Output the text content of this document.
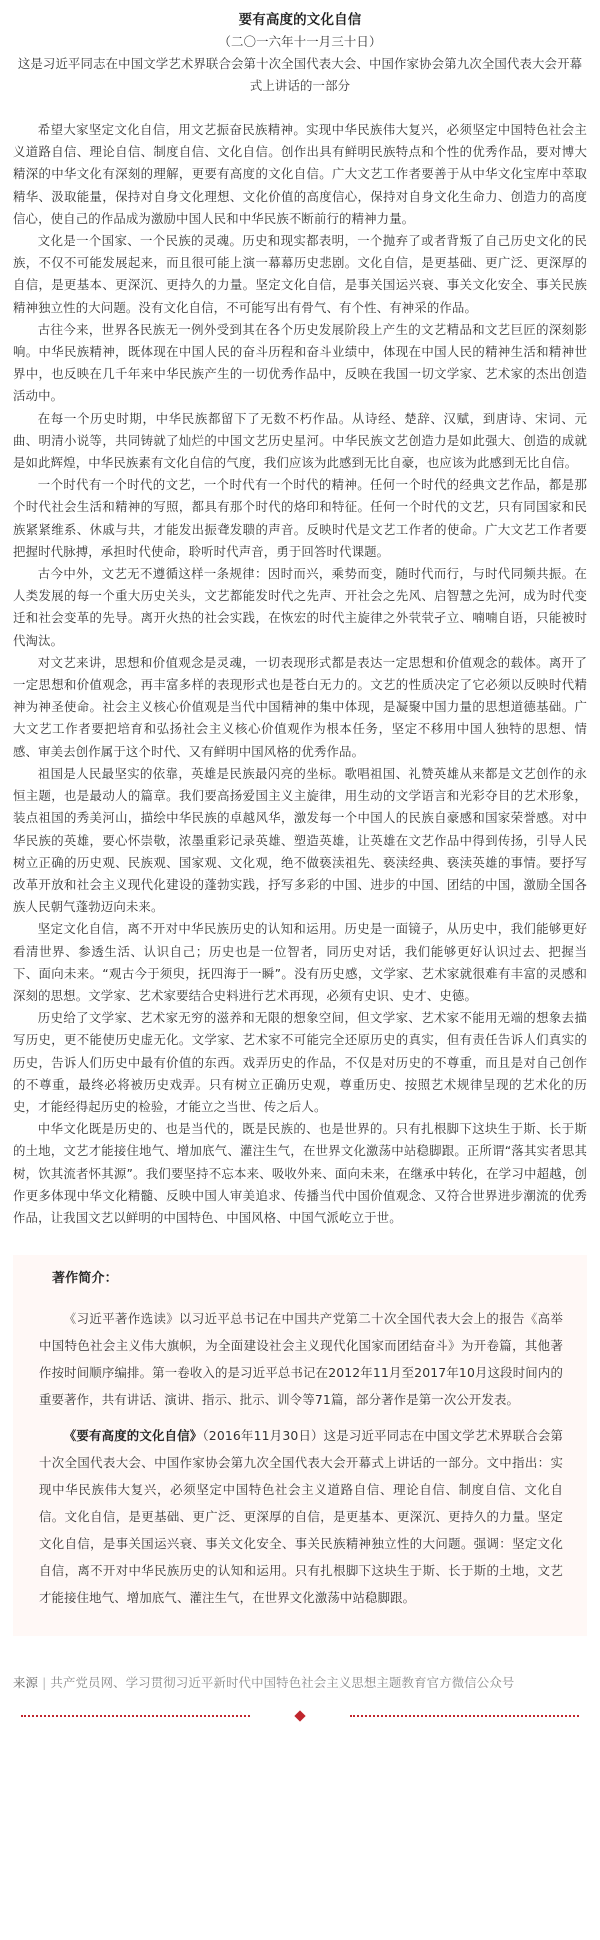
要有高度的文化自信
（二〇一六年十一月三十日）
这是习近平同志在中国文学艺术界联合会第十次全国代表大会、中国作家协会第九次全国代表大会开幕式上讲话的一部分

希望大家坚定文化自信，用文艺振奋民族精神。实现中华民族伟大复兴，必须坚定中国特色社会主义道路自信、理论自信、制度自信、文化自信。创作出具有鲜明民族特点和个性的优秀作品，要对博大精深的中华文化有深刻的理解，更要有高度的文化自信。广大文艺工作者要善于从中华文化宝库中萃取精华、汲取能量，保持对自身文化理想、文化价值的高度信心，保持对自身文化生命力、创造力的高度信心，使自己的作品成为激励中国人民和中华民族不断前行的精神力量。

文化是一个国家、一个民族的灵魂。历史和现实都表明，一个抛弃了或者背叛了自己历史文化的民族，不仅不可能发展起来，而且很可能上演一幕幕历史悲剧。文化自信，是更基础、更广泛、更深厚的自信，是更基本、更深沉、更持久的力量。坚定文化自信，是事关国运兴衰、事关文化安全、事关民族精神独立性的大问题。没有文化自信，不可能写出有骨气、有个性、有神采的作品。

古往今来，世界各民族无一例外受到其在各个历史发展阶段上产生的文艺精品和文艺巨匠的深刻影响。中华民族精神，既体现在中国人民的奋斗历程和奋斗业绩中，体现在中国人民的精神生活和精神世界中，也反映在几千年来中华民族产生的一切优秀作品中，反映在我国一切文学家、艺术家的杰出创造活动中。

在每一个历史时期，中华民族都留下了无数不朽作品。从诗经、楚辞、汉赋，到唐诗、宋词、元曲、明清小说等，共同铸就了灿烂的中国文艺历史星河。中华民族文艺创造力是如此强大、创造的成就是如此辉煌，中华民族素有文化自信的气度，我们应该为此感到无比自豪，也应该为此感到无比自信。

一个时代有一个时代的文艺，一个时代有一个时代的精神。任何一个时代的经典文艺作品，都是那个时代社会生活和精神的写照，都具有那个时代的烙印和特征。任何一个时代的文艺，只有同国家和民族紧紧维系、休戚与共，才能发出振聋发聩的声音。反映时代是文艺工作者的使命。广大文艺工作者要把握时代脉搏，承担时代使命，聆听时代声音，勇于回答时代课题。

古今中外，文艺无不遵循这样一条规律：因时而兴，乘势而变，随时代而行，与时代同频共振。在人类发展的每一个重大历史关头，文艺都能发时代之先声、开社会之先风、启智慧之先河，成为时代变迁和社会变革的先导。离开火热的社会实践，在恢宏的时代主旋律之外茕茕孑立、喃喃自语，只能被时代淘汰。

对文艺来讲，思想和价值观念是灵魂，一切表现形式都是表达一定思想和价值观念的载体。离开了一定思想和价值观念，再丰富多样的表现形式也是苍白无力的。文艺的性质决定了它必须以反映时代精神为神圣使命。社会主义核心价值观是当代中国精神的集中体现，是凝聚中国力量的思想道德基础。广大文艺工作者要把培育和弘扬社会主义核心价值观作为根本任务，坚定不移用中国人独特的思想、情感、审美去创作属于这个时代、又有鲜明中国风格的优秀作品。

祖国是人民最坚实的依靠，英雄是民族最闪亮的坐标。歌唱祖国、礼赞英雄从来都是文艺创作的永恒主题，也是最动人的篇章。我们要高扬爱国主义主旋律，用生动的文学语言和光彩夺目的艺术形象，装点祖国的秀美河山，描绘中华民族的卓越风华，激发每一个中国人的民族自豪感和国家荣誉感。对中华民族的英雄，要心怀崇敬，浓墨重彩记录英雄、塑造英雄，让英雄在文艺作品中得到传扬，引导人民树立正确的历史观、民族观、国家观、文化观，绝不做亵渎祖先、亵渎经典、亵渎英雄的事情。要抒写改革开放和社会主义现代化建设的蓬勃实践，抒写多彩的中国、进步的中国、团结的中国，激励全国各族人民朝气蓬勃迈向未来。

坚定文化自信，离不开对中华民族历史的认知和运用。历史是一面镜子，从历史中，我们能够更好看清世界、参透生活、认识自己；历史也是一位智者，同历史对话，我们能够更好认识过去、把握当下、面向未来。“观古今于须臾，抚四海于一瞬”。没有历史感，文学家、艺术家就很难有丰富的灵感和深刻的思想。文学家、艺术家要结合史料进行艺术再现，必须有史识、史才、史德。

历史给了文学家、艺术家无穷的滋养和无限的想象空间，但文学家、艺术家不能用无端的想象去描写历史，更不能使历史虚无化。文学家、艺术家不可能完全还原历史的真实，但有责任告诉人们真实的历史，告诉人们历史中最有价值的东西。戏弄历史的作品，不仅是对历史的不尊重，而且是对自己创作的不尊重，最终必将被历史戏弄。只有树立正确历史观，尊重历史、按照艺术规律呈现的艺术化的历史，才能经得起历史的检验，才能立之当世、传之后人。

中华文化既是历史的、也是当代的，既是民族的、也是世界的。只有扎根脚下这块生于斯、长于斯的土地，文艺才能接住地气、增加底气、灌注生气，在世界文化激荡中站稳脚跟。正所谓“落其实者思其树，饮其流者怀其源”。我们要坚持不忘本来、吸收外来、面向未来，在继承中转化，在学习中超越，创作更多体现中华文化精髓、反映中国人审美追求、传播当代中国价值观念、又符合世界进步潮流的优秀作品，让我国文艺以鲜明的中国特色、中国风格、中国气派屹立于世。

著作简介：

《习近平著作选读》以习近平总书记在中国共产党第二十次全国代表大会上的报告《高举中国特色社会主义伟大旗帜，为全面建设社会主义现代化国家而团结奋斗》为开卷篇，其他著作按时间顺序编排。第一卷收入的是习近平总书记在2012年11月至2017年10月这段时间内的重要著作，共有讲话、演讲、指示、批示、训令等71篇，部分著作是第一次公开发表。

《要有高度的文化自信》（2016年11月30日）这是习近平同志在中国文学艺术界联合会第十次全国代表大会、中国作家协会第九次全国代表大会开幕式上讲话的一部分。文中指出：实现中华民族伟大复兴，必须坚定中国特色社会主义道路自信、理论自信、制度自信、文化自信。文化自信，是更基础、更广泛、更深厚的自信，是更基本、更深沉、更持久的力量。坚定文化自信，是事关国运兴衰、事关文化安全、事关民族精神独立性的大问题。强调：坚定文化自信，离不开对中华民族历史的认知和运用。只有扎根脚下这块生于斯、长于斯的土地，文艺才能接住地气、增加底气、灌注生气，在世界文化激荡中站稳脚跟。

来源 | 共产党员网、学习贯彻习近平新时代中国特色社会主义思想主题教育官方微信公众号
